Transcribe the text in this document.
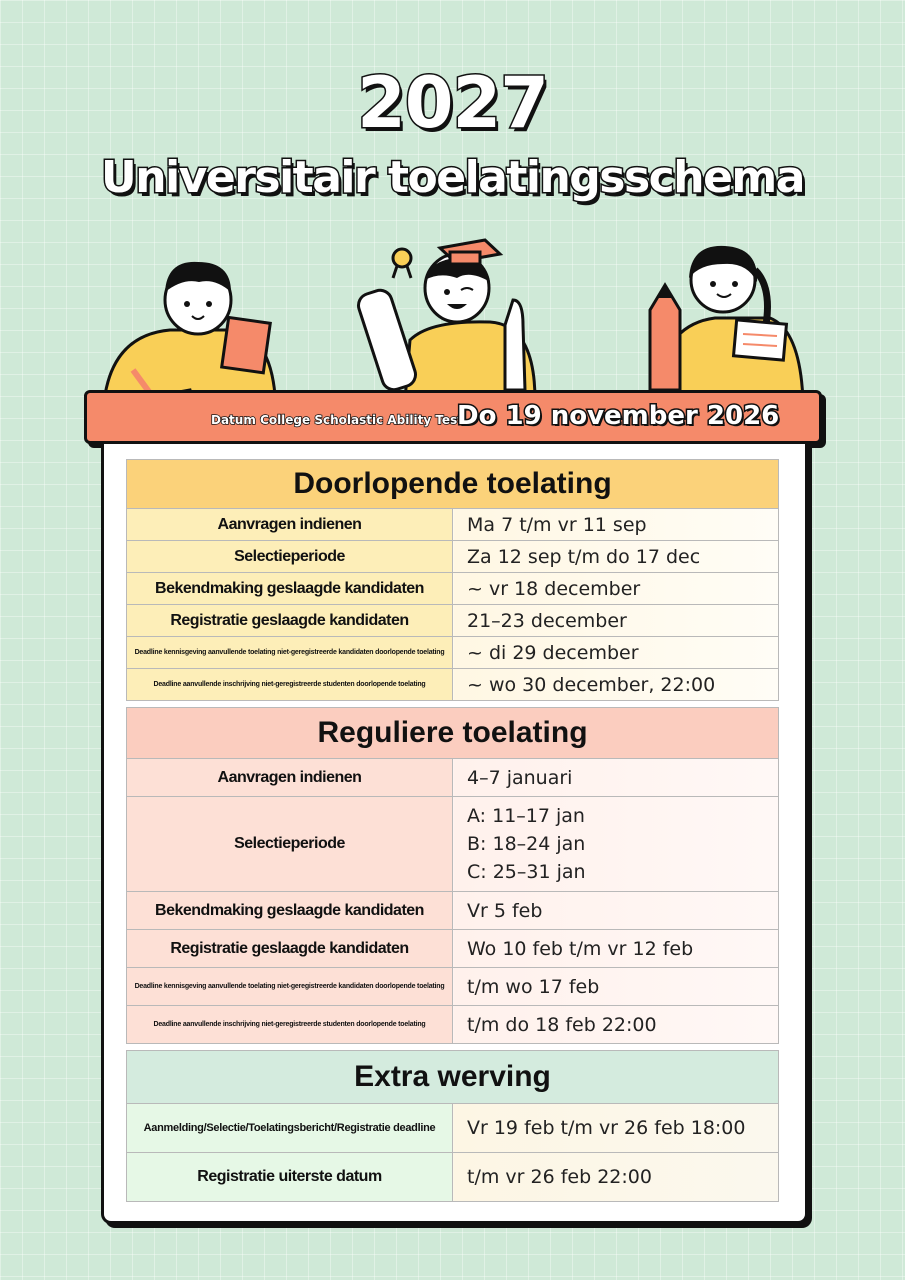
2027
Universitair toelatingsschema
Datum College Scholastic Ability Test
Do 19 november 2026
Doorlopende toelating	
Aanvragen indienen	Ma 7 t/m vr 11 sep
Selectieperiode	Za 12 sep t/m do 17 dec
Bekendmaking geslaagde kandidaten	~ vr 18 december
Registratie geslaagde kandidaten	21–23 december
Deadline kennisgeving aanvullende toelating niet-geregistreerde kandidaten doorlopende toelating	~ di 29 december
Deadline aanvullende inschrijving niet-geregistreerde studenten doorlopende toelating	~ wo 30 december, 22:00
Reguliere toelating	
Aanvragen indienen	4–7 januari
Selectieperiode	A: 11–17 jan
B: 18–24 jan
C: 25–31 jan

Bekendmaking geslaagde kandidaten	Vr 5 feb
Registratie geslaagde kandidaten	Wo 10 feb t/m vr 12 feb
Deadline kennisgeving aanvullende toelating niet-geregistreerde kandidaten doorlopende toelating	t/m wo 17 feb
Deadline aanvullende inschrijving niet-geregistreerde studenten doorlopende toelating	t/m do 18 feb 22:00
Extra werving	
Aanmelding/Selectie/Toelatingsbericht/Registratie deadline	Vr 19 feb t/m vr 26 feb 18:00
Registratie uiterste datum	t/m vr 26 feb 22:00
